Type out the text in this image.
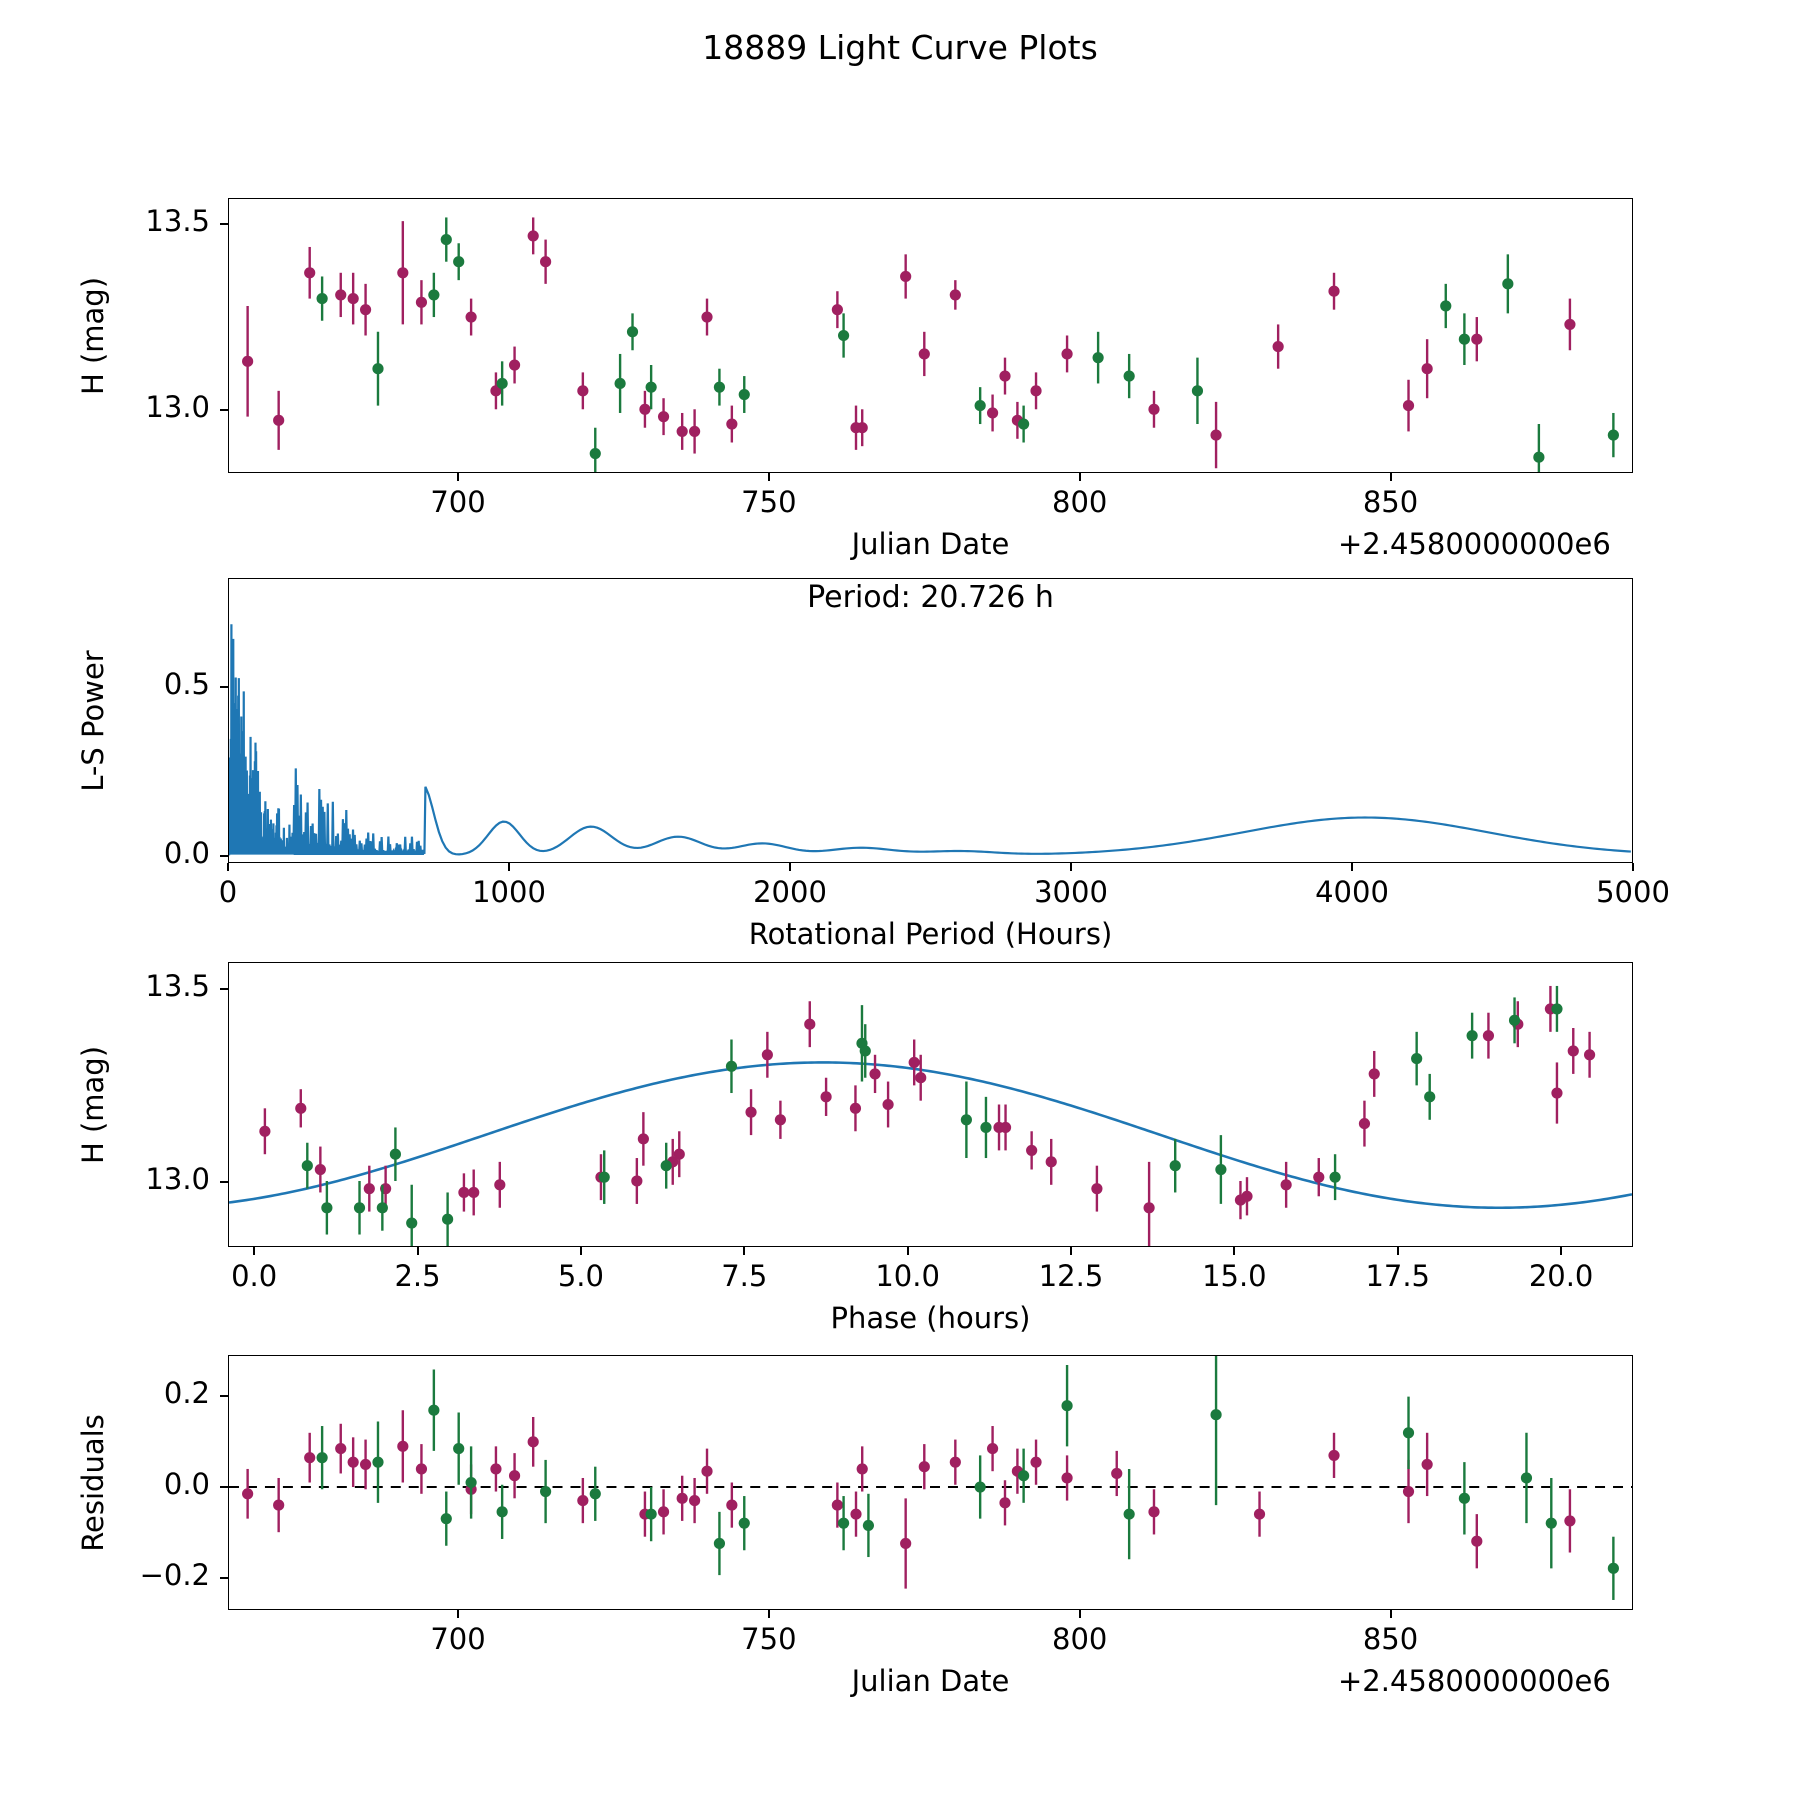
18889 Light Curve Plots
700	750	800	850
13.0
13.5
Julian Date
H (mag)
+2.4580000000e6
0	1000	2000	3000	4000	5000
0.0
0.5
Rotational Period (Hours)
L-S Power
Period: 20.726 h
0.0	2.5	5.0	7.5	10.0	12.5	15.0	17.5	20.0
13.0
13.5
Phase (hours)
H (mag)
700	750	800	850
−0.2
0.0
0.2
Julian Date
Residuals
+2.4580000000e6
